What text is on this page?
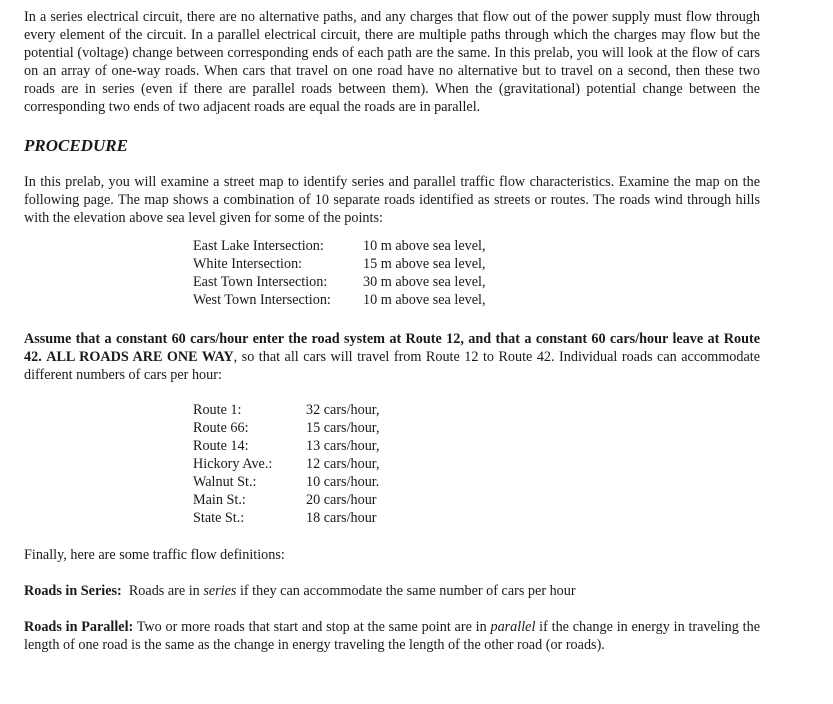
In a series electrical circuit, there are no alternative paths, and any charges that flow out of the power supply must flow through every element of the circuit. In a parallel electrical circuit, there are multiple paths through which the charges may flow but the potential (voltage) change between corresponding ends of each path are the same. In this prelab, you will look at the flow of cars on an array of one-way roads. When cars that travel on one road have no alternative but to travel on a second, then these two roads are in series (even if there are parallel roads between them). When the (gravitational) potential change between the corresponding two ends of two adjacent roads are equal the roads are in parallel.

PROCEDURE

In this prelab, you will examine a street map to identify series and parallel traffic flow characteristics. Examine the map on the following page. The map shows a combination of 10 separate roads identified as streets or routes. The roads wind through hills with the elevation above sea level given for some of the points:

East Lake Intersection:	10 m above sea level,
White Intersection:	15 m above sea level,
East Town Intersection:	30 m above sea level,
West Town Intersection:	10 m above sea level,

Assume that a constant 60 cars/hour enter the road system at Route 12, and that a constant 60 cars/hour leave at Route 42. ALL ROADS ARE ONE WAY, so that all cars will travel from Route 12 to Route 42. Individual roads can accommodate different numbers of cars per hour:

Route 1:	32 cars/hour,
Route 66:	15 cars/hour,
Route 14:	13 cars/hour,
Hickory Ave.:	12 cars/hour,
Walnut St.:	10 cars/hour.
Main St.:	20 cars/hour
State St.:	18 cars/hour

Finally, here are some traffic flow definitions:

Roads in Series:  Roads are in series if they can accommodate the same number of cars per hour

Roads in Parallel: Two or more roads that start and stop at the same point are in parallel if the change in energy in traveling the length of one road is the same as the change in energy traveling the length of the other road (or roads).
